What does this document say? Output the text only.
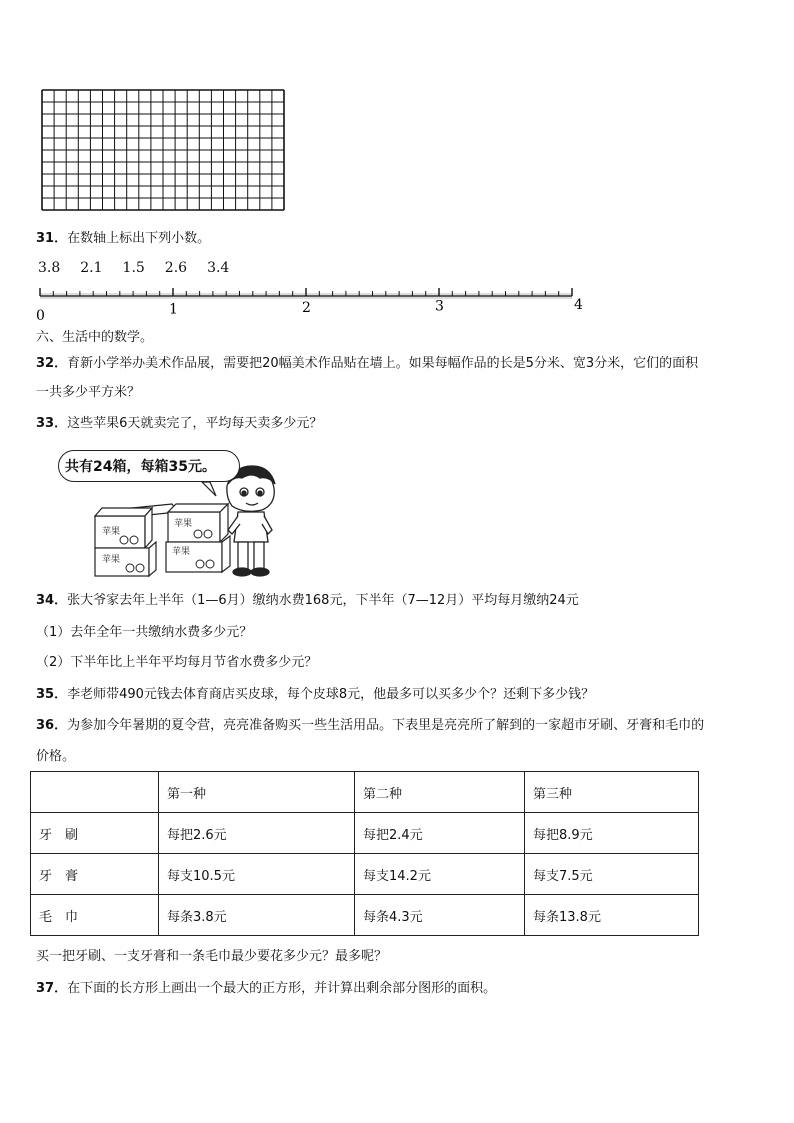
31．在数轴上标出下列小数。
3.8 2.1 1.5 2.6 3.4
0	1	2	3	4
六、生活中的数学。
32．育新小学举办美术作品展，需要把20幅美术作品贴在墙上。如果每幅作品的长是5分米、宽3分米，它们的面积
一共多少平方米？
33．这些苹果6天就卖完了，平均每天卖多少元？
苹果
苹果
苹果
苹果
共有24箱，每箱35元。
34．张大爷家去年上半年（1—6月）缴纳水费168元，下半年（7—12月）平均每月缴纳24元
（1）去年全年一共缴纳水费多少元？
（2）下半年比上半年平均每月节省水费多少元？
35．李老师带490元钱去体育商店买皮球，每个皮球8元，他最多可以买多少个？还剩下多少钱？
36．为参加今年暑期的夏令营，亮亮准备购买一些生活用品。下表里是亮亮所了解到的一家超市牙刷、牙膏和毛巾的
价格。
	第一种	第二种	第三种
牙　刷	每把2.6元	每把2.4元	每把8.9元
牙　膏	每支10.5元	每支14.2元	每支7.5元
毛　巾	每条3.8元	每条4.3元	每条13.8元
买一把牙刷、一支牙膏和一条毛巾最少要花多少元？最多呢？
37．在下面的长方形上画出一个最大的正方形，并计算出剩余部分图形的面积。
